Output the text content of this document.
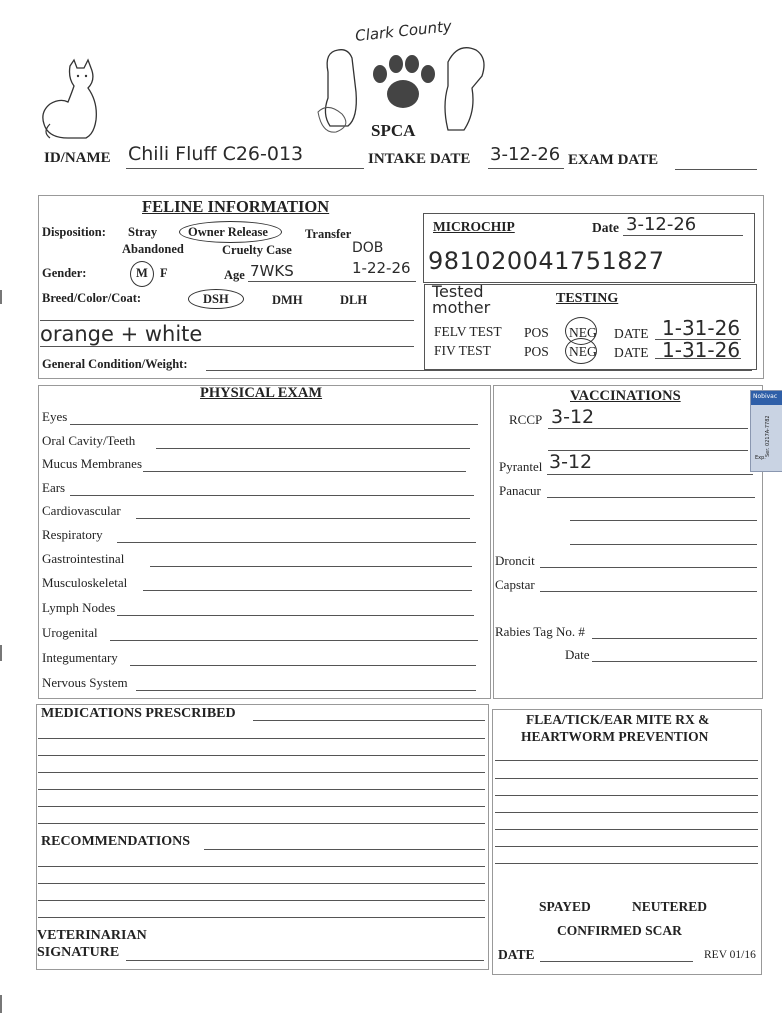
Clark County
SPCA
ID/NAME Chili Fluff C26-013	INTAKE DATE 3-12-26 EXAM DATE
FELINE INFORMATION
Disposition: Stray Owner Release	Transfer
Abandoned	Cruelty Case	DOB
Gender:	M F	Age 7WKS	1-22-26
Breed/Color/Coat:	DSH	DMH	DLH
orange + white
General Condition/Weight:
MICROCHIP	Date 3-12-26
981020041751827
Tested mother	TESTING
FELV TEST POS NEG DATE 1-31-26
FIV TEST POS NEG DATE 1-31-26
PHYSICAL EXAM
Eyes
Oral Cavity/Teeth
Mucus Membranes
Ears
Cardiovascular
Respiratory
Gastrointestinal
Musculoskeletal
Lymph Nodes
Urogenital
Integumentary
Nervous System
VACCINATIONS
RCCP 3-12
Pyrantel 3-12
Panacur
Droncit
Capstar
Rabies Tag No. #
Date
Nobivac
Ser. 0217A-7782
Exp.
MEDICATIONS PRESCRIBED
RECOMMENDATIONS
VETERINARIAN
SIGNATURE
FLEA/TICK/EAR MITE RX &
HEARTWORM PREVENTION
SPAYED	NEUTERED
CONFIRMED SCAR
DATE	REV 01/16
